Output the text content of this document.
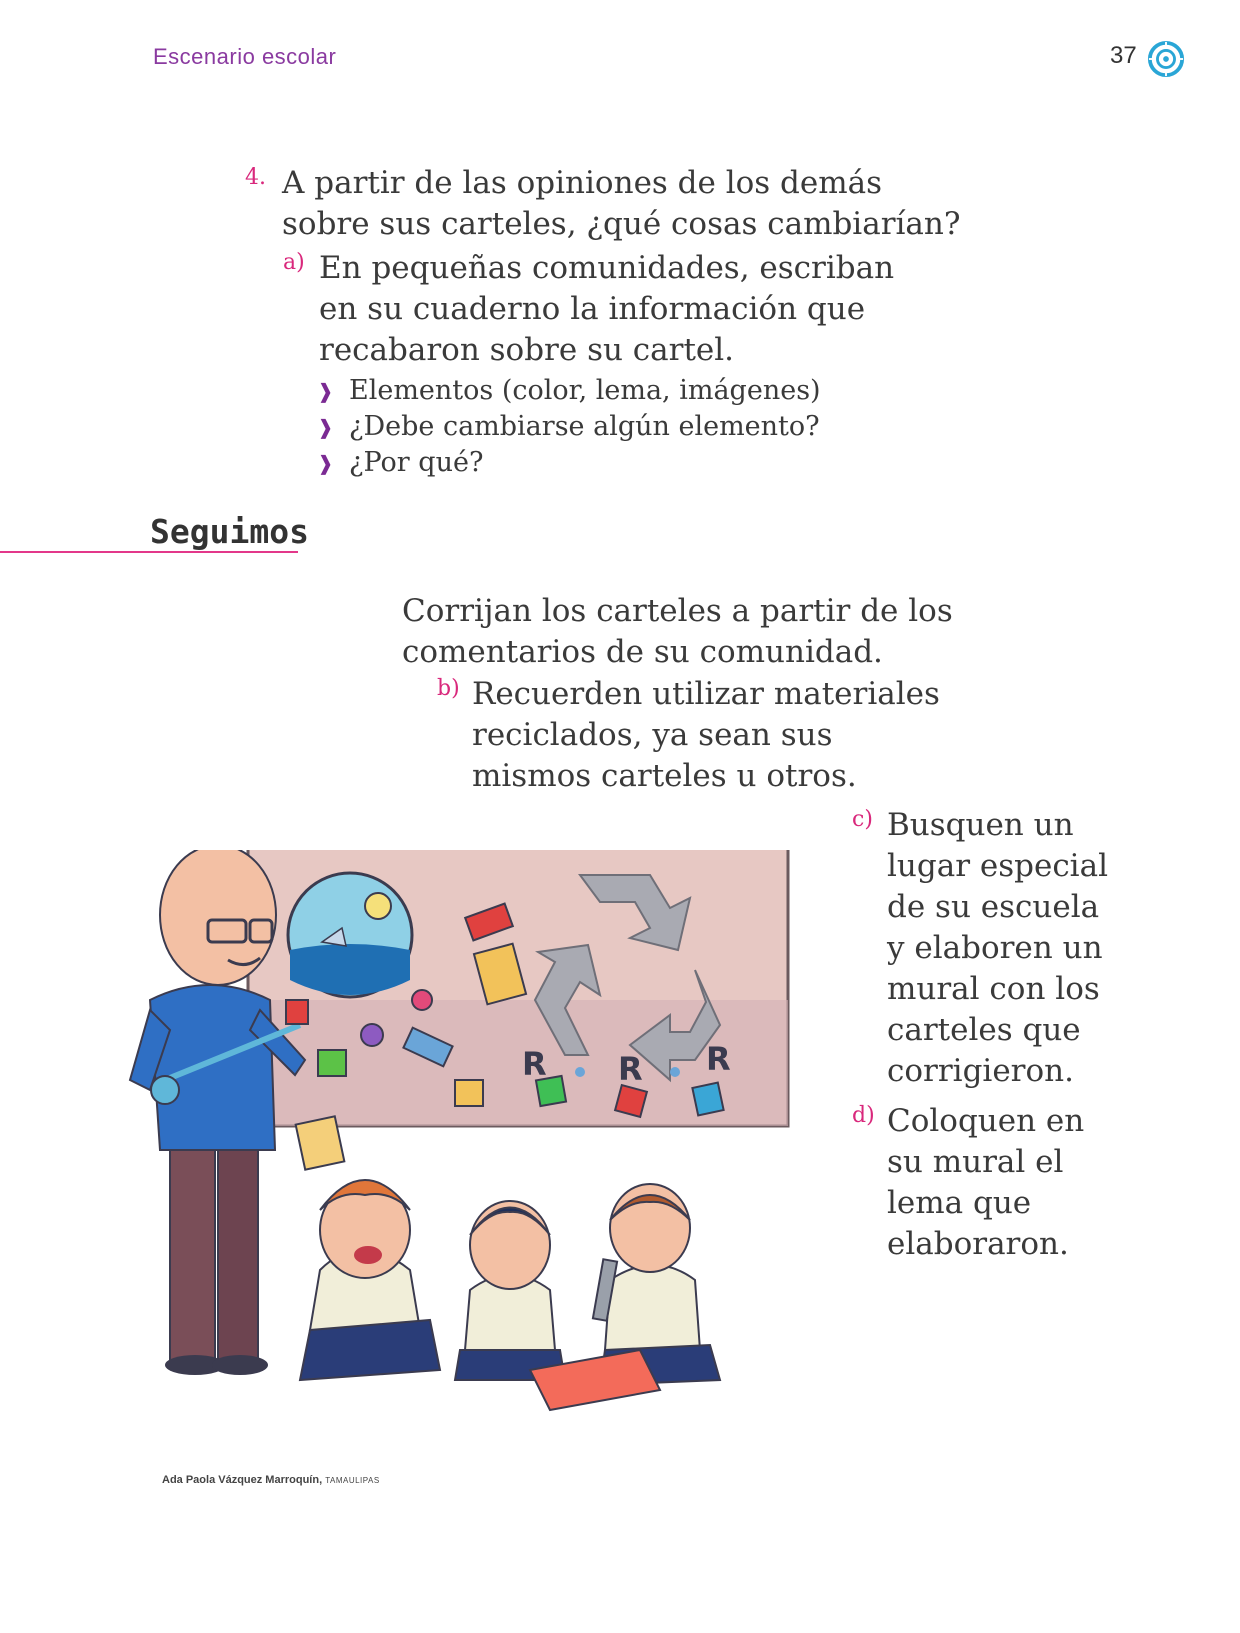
Escenario escolar	37
4. A partir de las opiniones de los demás sobre sus carteles, ¿qué cosas cambiarían?
a) En pequeñas comunidades, escriban en su cuaderno la información que recabaron sobre su cartel.
❱ Elementos (color, lema, imágenes)
❱ ¿Debe cambiarse algún elemento?
❱ ¿Por qué?
Seguimos
Corrijan los carteles a partir de los comentarios de su comunidad.
b) Recuerden utilizar materiales reciclados, ya sean sus mismos carteles u otros.
c) Busquen un lugar especial de su escuela y elaboren un mural con los carteles que corrigieron.
d) Coloquen en su mural el lema que elaboraron.
R R R
Ada Paola Vázquez Marroquín, TAMAULIPAS
